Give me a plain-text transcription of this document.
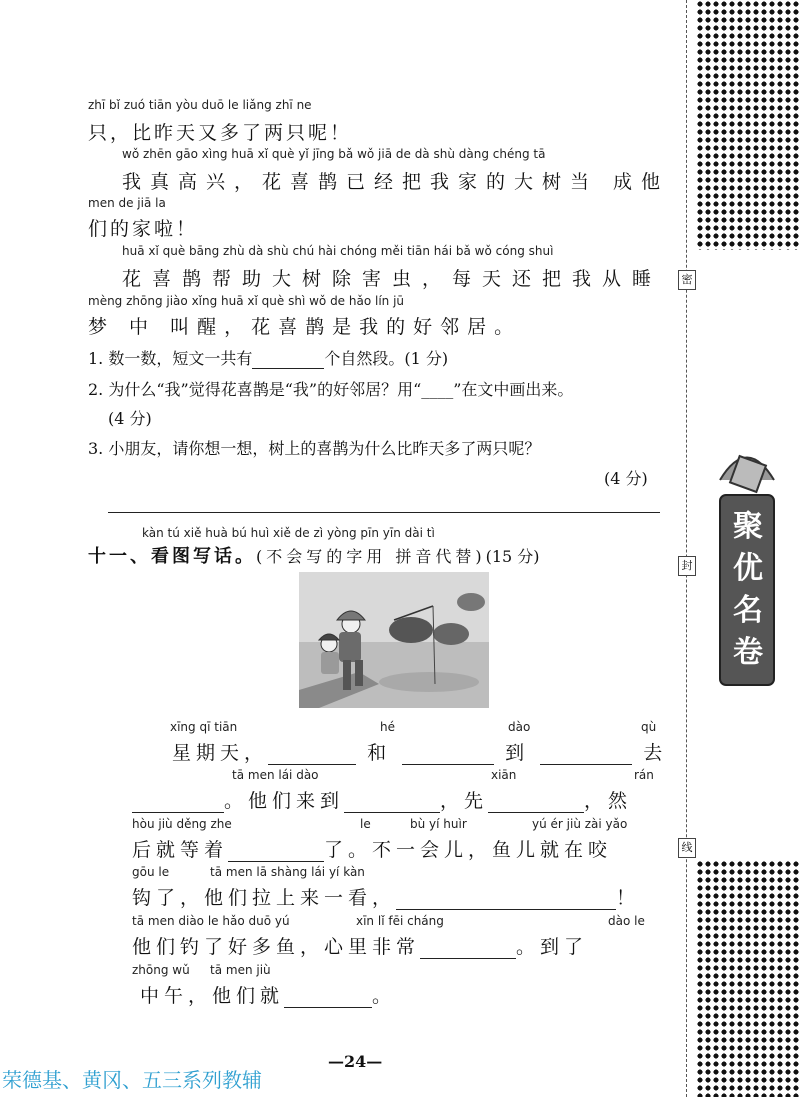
密
封
线
聚优名卷
zhī bǐ zuó tiān yòu duō le liǎng zhī ne
只，比昨天又多了两只呢！
wǒ zhēn gāo xìng huā xǐ què yǐ jīng bǎ wǒ jiā de dà shù dàng chéng tā
我真高兴，花喜鹊已经把我家的大树当 成他
men de jiā la
们的家啦！
huā xǐ què bāng zhù dà shù chú hài chóng měi tiān hái bǎ wǒ cóng shuì
花喜鹊帮助大树除害虫，每天还把我从睡
mèng zhōng jiào xǐng huā xǐ què shì wǒ de hǎo lín jū
梦 中 叫醒，花喜鹊是我的好邻居。
1. 数一数，短文一共有	个自然段。(1 分)
2. 为什么“我”觉得花喜鹊是“我”的好邻居？用“____”在文中画出来。
(4 分)
3. 小朋友，请你想一想，树上的喜鹊为什么比昨天多了两只呢？
(4 分)
kàn tú xiě huà bú huì xiě de zì yòng pīn yīn dài tì
十一、看图写话。(不会写的字用 拼音代替)(15 分)
xīng qī tiān	hé	dào	qù
星期天，	和	到	去
tā men lái dào	xiān	rán
。他们来到	，先	，然
hòu jiù děng zhe	le	bù yí huìr	yú ér jiù zài yǎo
后就等着	了。不一会儿，鱼儿就在咬
gōu le	tā men lā shàng lái yí kàn
钩了，他们拉上来一看，	！
tā men diào le hǎo duō yú	xīn lǐ fēi cháng	dào le
他们钓了好多鱼，心里非常	。到了
zhōng wǔ tā men jiù
中午，他们就	。
—24—
荣德基、黄冈、五三系列教辅
